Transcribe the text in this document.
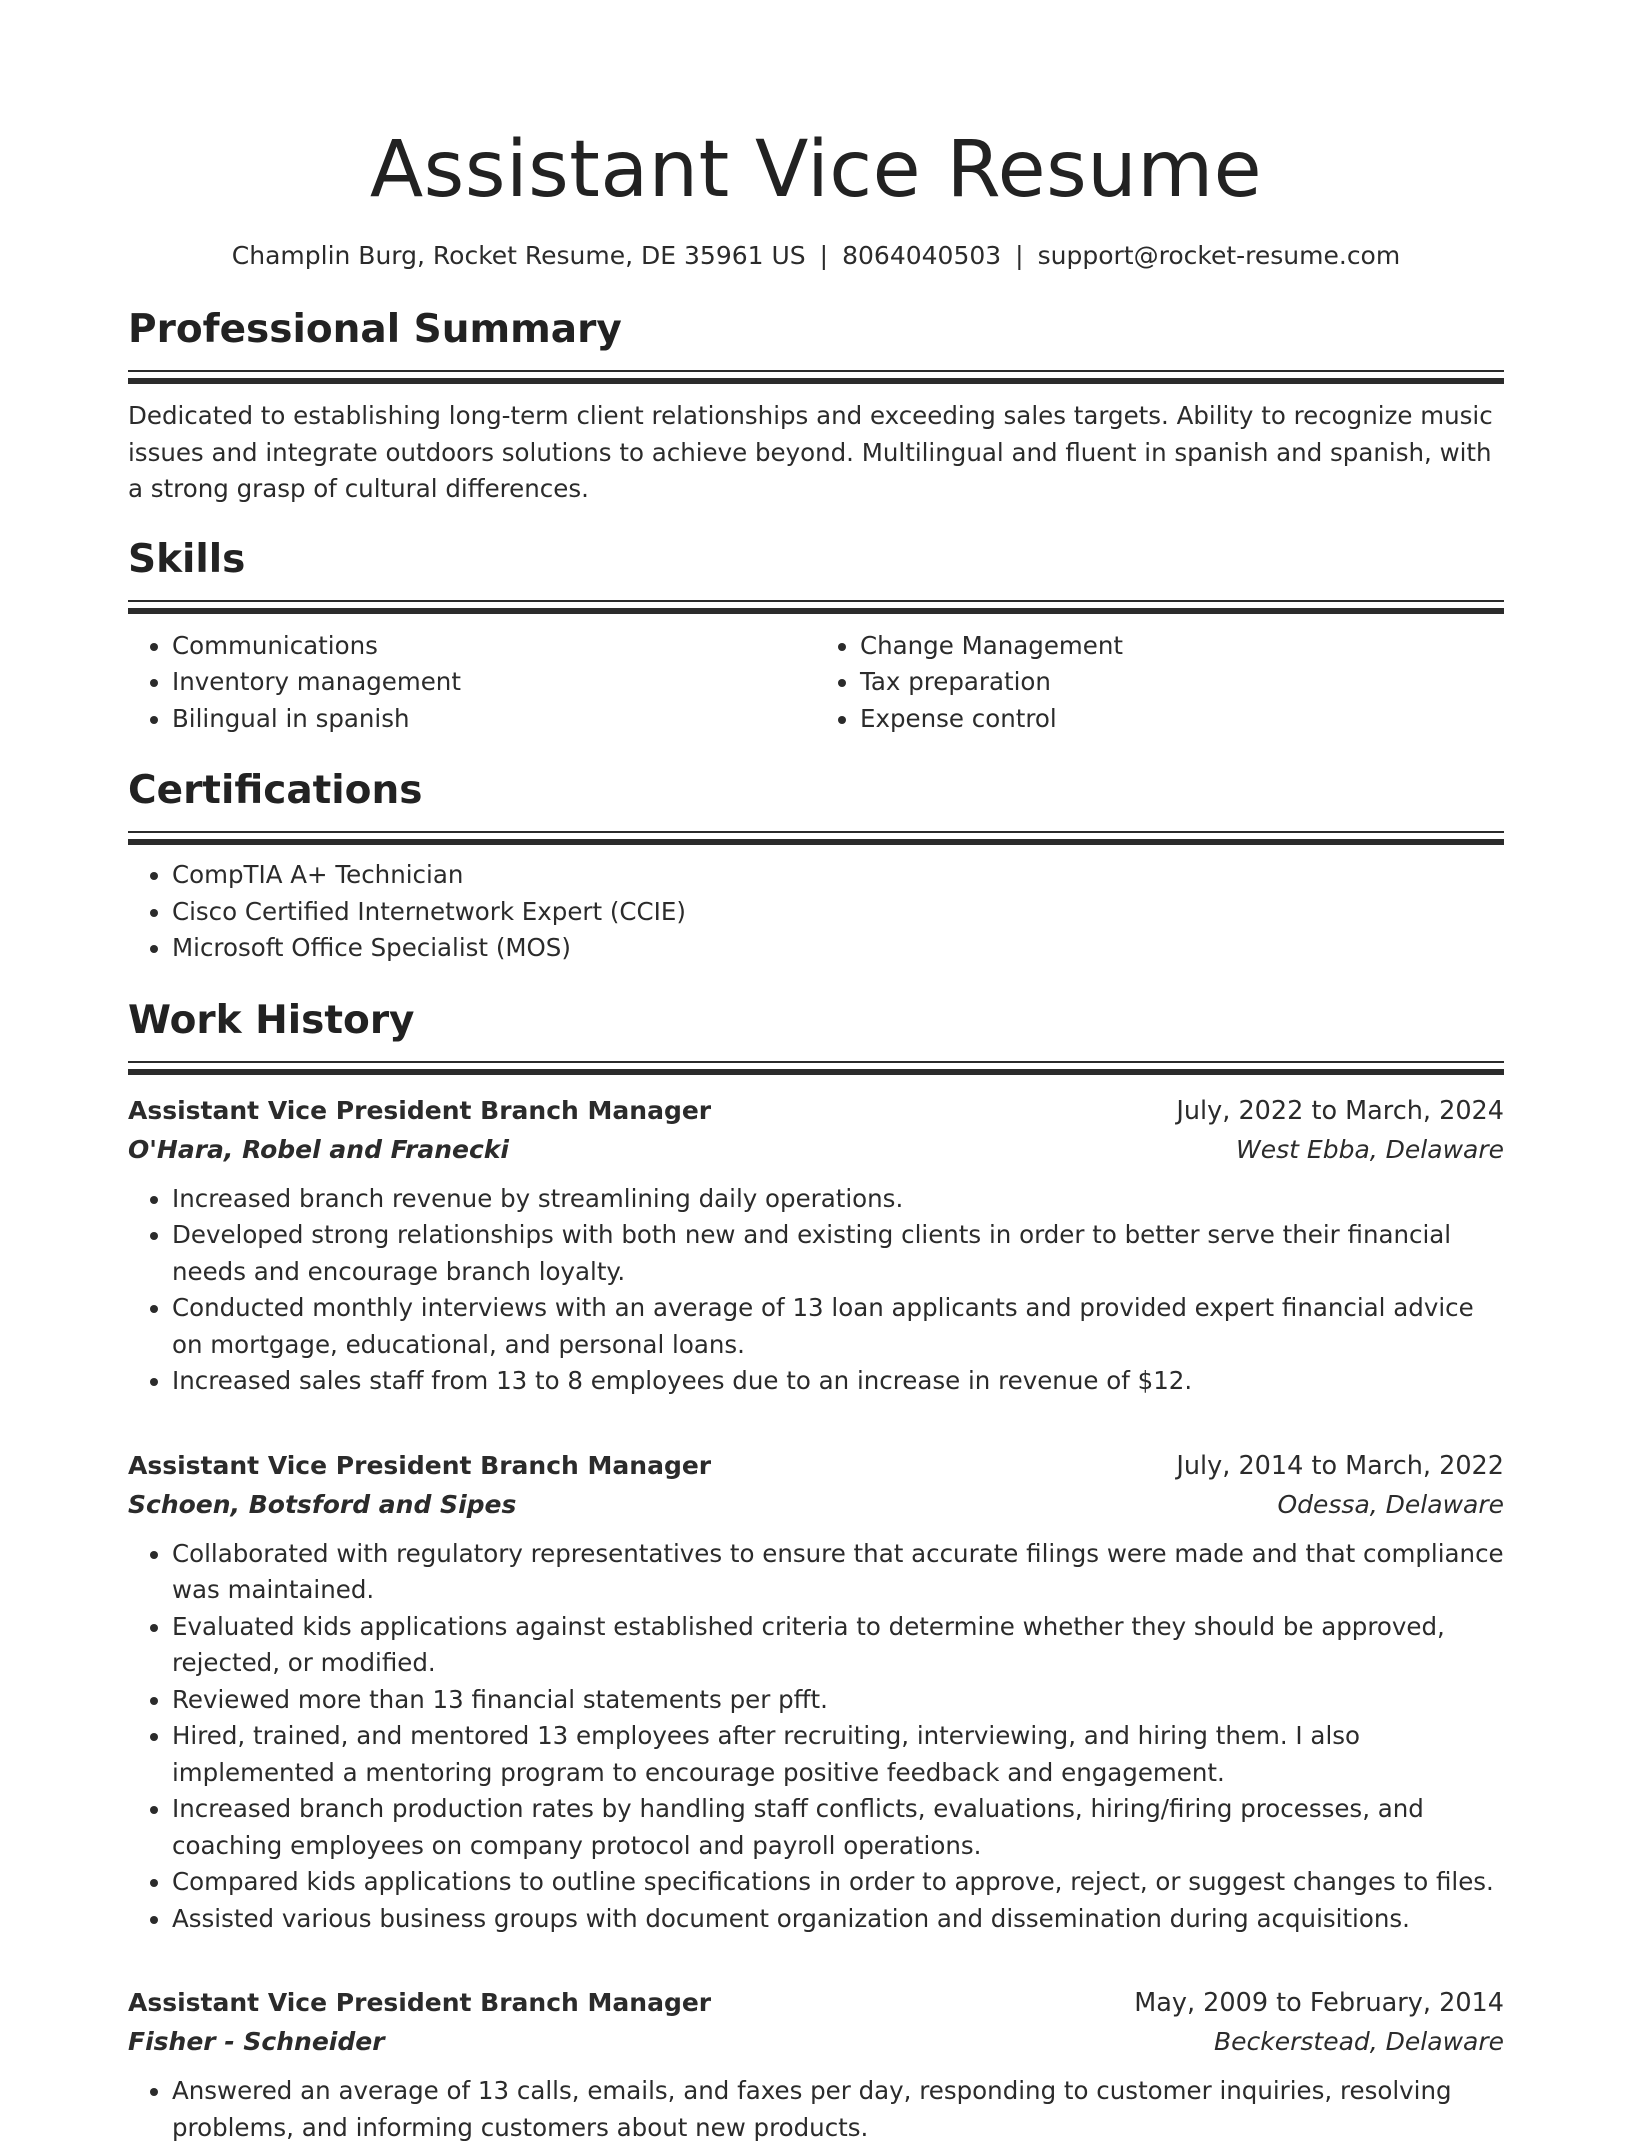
Assistant Vice Resume
Champlin Burg, Rocket Resume, DE 35961 US | 8064040503 | support@rocket-resume.com
Professional Summary

Dedicated to establishing long-term client relationships and exceeding sales targets. Ability to recognize music issues and integrate outdoors solutions to achieve beyond. Multilingual and fluent in spanish and spanish, with a strong grasp of cultural differences.

Skills
• Communications
• Inventory management
• Bilingual in spanish
• Change Management
• Tax preparation
• Expense control
Certifications
• CompTIA A+ Technician
• Cisco Certified Internetwork Expert (CCIE)
• Microsoft Office Specialist (MOS)
Work History
Assistant Vice President Branch Manager	July, 2022 to March, 2024
O'Hara, Robel and Franecki	West Ebba, Delaware
• Increased branch revenue by streamlining daily operations.
• Developed strong relationships with both new and existing clients in order to better serve their financial needs and encourage branch loyalty.
• Conducted monthly interviews with an average of 13 loan applicants and provided expert financial advice on mortgage, educational, and personal loans.
• Increased sales staff from 13 to 8 employees due to an increase in revenue of $12.
Assistant Vice President Branch Manager	July, 2014 to March, 2022
Schoen, Botsford and Sipes	Odessa, Delaware
• Collaborated with regulatory representatives to ensure that accurate filings were made and that compliance was maintained.
• Evaluated kids applications against established criteria to determine whether they should be approved, rejected, or modified.
• Reviewed more than 13 financial statements per pfft.
• Hired, trained, and mentored 13 employees after recruiting, interviewing, and hiring them. I also implemented a mentoring program to encourage positive feedback and engagement.
• Increased branch production rates by handling staff conflicts, evaluations, hiring/firing processes, and coaching employees on company protocol and payroll operations.
• Compared kids applications to outline specifications in order to approve, reject, or suggest changes to files.
• Assisted various business groups with document organization and dissemination during acquisitions.
Assistant Vice President Branch Manager	May, 2009 to February, 2014
Fisher - Schneider	Beckerstead, Delaware
• Answered an average of 13 calls, emails, and faxes per day, responding to customer inquiries, resolving problems, and informing customers about new products.
